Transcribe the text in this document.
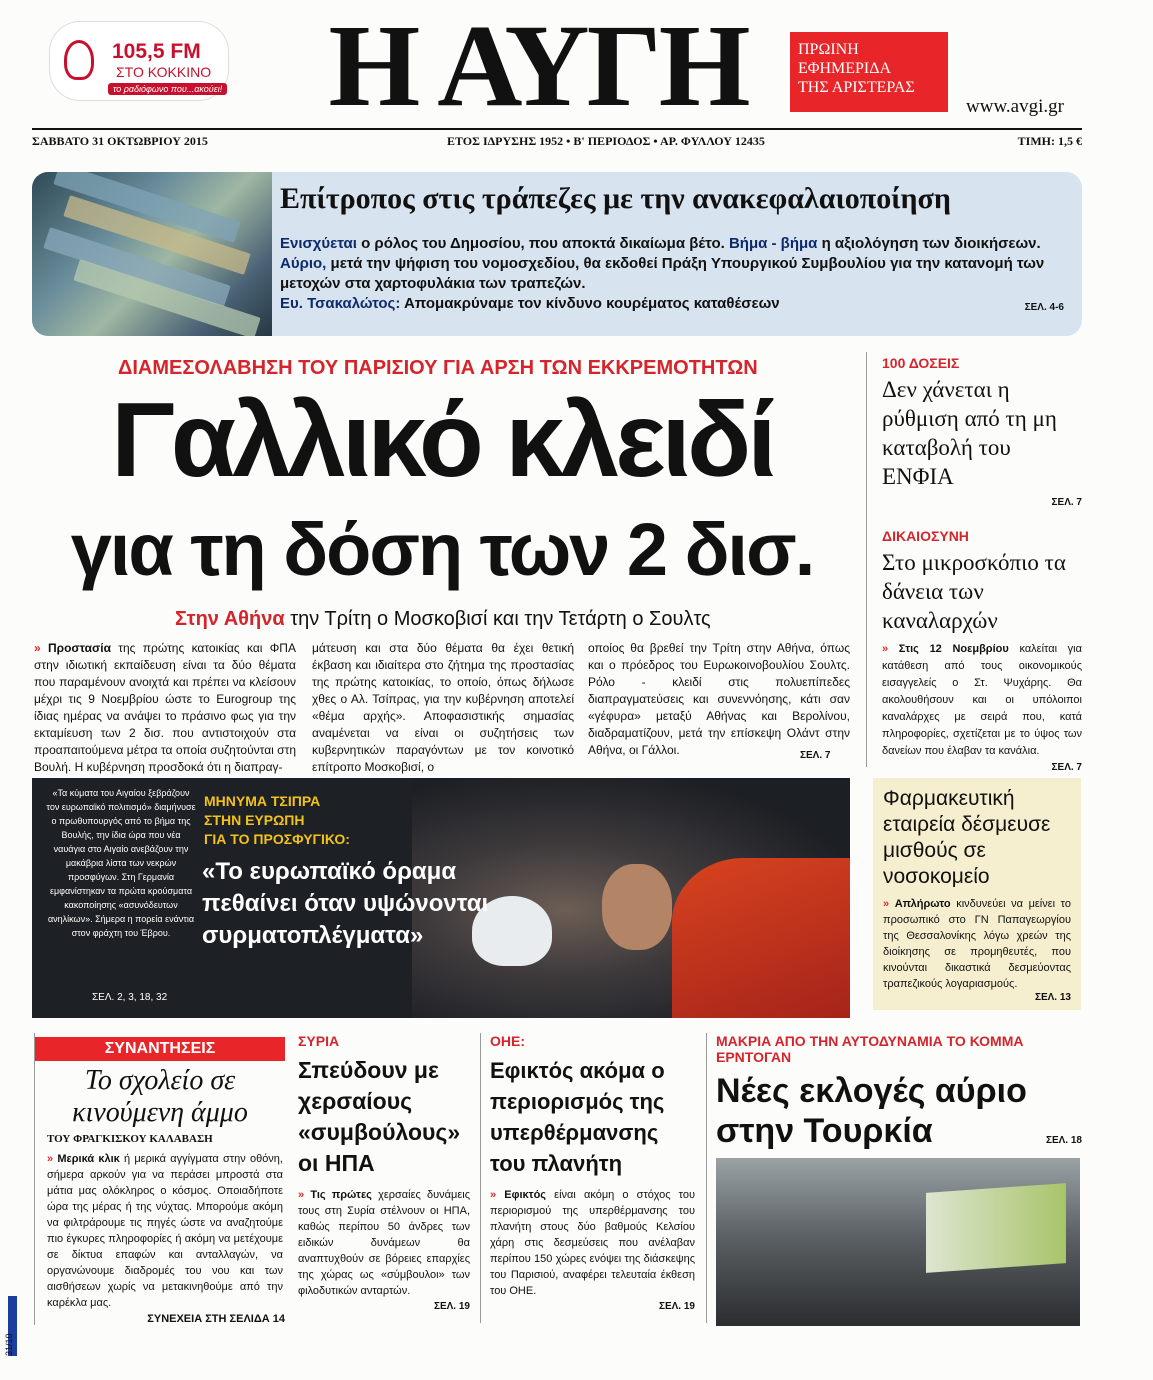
105,5 FM
ΣΤΟ ΚΟΚΚΙΝΟ
το ραδιόφωνο που...ακούει! Η ΑΥΓΗ	ΠΡΩΙΝΗ
ΕΦΗΜΕΡΙΔΑ
ΤΗΣ ΑΡΙΣΤΕΡΑΣ
www.avgi.gr
ΣΑΒΒΑΤΟ 31 ΟΚΤΩΒΡΙΟΥ 2015	ΕΤΟΣ ΙΔΡΥΣΗΣ 1952 • Β' ΠΕΡΙΟΔΟΣ • ΑΡ. ΦΥΛΛΟΥ 12435	ΤΙΜΗ: 1,5 €
Επίτροπος στις τράπεζες με την ανακεφαλαιοποίηση
Ενισχύεται ο ρόλος του Δημοσίου, που αποκτά δικαίωμα βέτο. Βήμα - βήμα η αξιολόγηση των διοικήσεων. Αύριο, μετά την ψήφιση του νομοσχεδίου, θα εκδοθεί Πράξη Υπουργικού Συμβουλίου για την κατανομή των μετοχών στα χαρτοφυλάκια των τραπεζών.
Ευ. Τσακαλώτος: Απομακρύναμε τον κίνδυνο κουρέματος καταθέσεων	ΣΕΛ. 4-6
ΔΙΑΜΕΣΟΛΑΒΗΣΗ ΤΟΥ ΠΑΡΙΣΙΟΥ ΓΙΑ ΑΡΣΗ ΤΩΝ ΕΚΚΡΕΜΟΤΗΤΩΝ
Γαλλικό κλειδί
για τη δόση των 2 δισ.
Στην Αθήνα την Τρίτη ο Μοσκοβισί και την Τετάρτη ο Σουλτς
» Προστασία της πρώτης κατοικίας και ΦΠΑ στην ιδιωτική εκπαίδευση είναι τα δύο θέματα που παραμένουν ανοιχτά και πρέπει να κλείσουν μέχρι τις 9 Νοεμβρίου ώστε το Eurogroup της ίδιας ημέρας να ανάψει το πράσινο φως για την εκταμίευση των 2 δισ. που αντιστοιχούν στα προαπαιτούμενα μέτρα τα οποία συζητούνται στη Βουλή. Η κυβέρνηση προσδοκά ότι η διαπραγ-
μάτευση και στα δύο θέματα θα έχει θετική έκβαση και ιδιαίτερα στο ζήτημα της προστασίας της πρώτης κατοικίας, το οποίο, όπως δήλωσε χθες ο Αλ. Τσίπρας, για την κυβέρνηση αποτελεί «θέμα αρχής». Αποφασιστικής σημασίας αναμένεται να είναι οι συζητήσεις των κυβερνητικών παραγόντων με τον κοινοτικό επίτροπο Μοσκοβισί, ο
οποίος θα βρεθεί την Τρίτη στην Αθήνα, όπως και ο πρόεδρος του Ευρωκοινοβουλίου Σουλτς. Ρόλο - κλειδί στις πολυεπίπεδες διαπραγματεύσεις και συνεννόησης, κάτι σαν «γέφυρα» μεταξύ Αθήνας και Βερολίνου, διαδραματίζουν, μετά την επίσκεψη Ολάντ στην Αθήνα, οι Γάλλοι.	ΣΕΛ. 7
100 ΔΟΣΕΙΣ
Δεν χάνεται η ρύθμιση από τη μη καταβολή του ΕΝΦΙΑ
ΣΕΛ. 7
ΔΙΚΑΙΟΣΥΝΗ
Στο μικροσκόπιο τα δάνεια των καναλαρχών
» Στις 12 Νοεμβρίου καλείται για κατάθεση από τους οικονομικούς εισαγγελείς ο Στ. Ψυχάρης. Θα ακολουθήσουν και οι υπόλοιποι καναλάρχες με σειρά που, κατά πληροφορίες, σχετίζεται με το ύψος των δανείων που έλαβαν τα κανάλια.
ΣΕΛ. 7
«Τα κύματα του Αιγαίου ξεβράζουν τον ευρωπαϊκό πολιτισμό» διαμήνυσε ο πρωθυπουργός από το βήμα της Βουλής, την ίδια ώρα που νέα ναυάγια στο Αιγαίο ανεβάζουν την μακάβρια λίστα των νεκρών προσφύγων. Στη Γερμανία εμφανίστηκαν τα πρώτα κρούσματα κακοποίησης «ασυνόδευτων ανηλίκων». Σήμερα η πορεία ενάντια στον φράχτη του Έβρου.
ΣΕΛ. 2, 3, 18, 32
ΜΗΝΥΜΑ ΤΣΙΠΡΑ
ΣΤΗΝ ΕΥΡΩΠΗ
ΓΙΑ ΤΟ ΠΡΟΣΦΥΓΙΚΟ:
«Το ευρωπαϊκό όραμα πεθαίνει όταν υψώνονται συρματοπλέγματα»
Φαρμακευτική εταιρεία δέσμευσε μισθούς σε νοσοκομείο
» Απλήρωτο κινδυνεύει να μείνει το προσωπικό στο ΓΝ Παπαγεωργίου της Θεσσαλονίκης λόγω χρεών της διοίκησης σε προμηθευτές, που κινούνται δικαστικά δεσμεύοντας τραπεζικούς λογαριασμούς.
ΣΕΛ. 13
ΣΥΝΑΝΤΗΣΕΙΣ
Το σχολείο σε κινούμενη άμμο
ΤΟΥ ΦΡΑΓΚΙΣΚΟΥ ΚΑΛΑΒΑΣΗ
» Μερικά κλικ ή μερικά αγγίγματα στην οθόνη, σήμερα αρκούν για να περάσει μπροστά στα μάτια μας ολόκληρος ο κόσμος. Οποιαδήποτε ώρα της μέρας ή της νύχτας. Μπορούμε ακόμη να φιλτράρουμε τις πηγές ώστε να αναζητούμε πιο έγκυρες πληροφορίες ή ακόμη να μετέχουμε σε δίκτυα επαφών και ανταλλαγών, να οργανώνουμε διαδρομές του νου και των αισθήσεων χωρίς να μετακινηθούμε από την καρέκλα μας.
ΣΥΝΕΧΕΙΑ ΣΤΗ ΣΕΛΙΔΑ 14
ΣΥΡΙΑ
Σπεύδουν με χερσαίους «συμβούλους» οι ΗΠΑ
» Τις πρώτες χερσαίες δυνάμεις τους στη Συρία στέλνουν οι ΗΠΑ, καθώς περίπου 50 άνδρες των ειδικών δυνάμεων θα αναπτυχθούν σε βόρειες επαρχίες της χώρας ως «σύμβουλοι» των φιλοδυτικών ανταρτών.
ΣΕΛ. 19
ΟΗΕ:
Εφικτός ακόμα ο περιορισμός της υπερθέρμανσης του πλανήτη
» Εφικτός είναι ακόμη ο στόχος του περιορισμού της υπερθέρμανσης του πλανήτη στους δύο βαθμούς Κελσίου χάρη στις δεσμεύσεις που ανέλαβαν περίπου 150 χώρες ενόψει της διάσκεψης του Παρισιού, αναφέρει τελευταία έκθεση του ΟΗΕ.
ΣΕΛ. 19
ΜΑΚΡΙΑ ΑΠΟ ΤΗΝ ΑΥΤΟΔΥΝΑΜΙΑ ΤΟ ΚΟΜΜΑ ΕΡΝΤΟΓΑΝ
Νέες εκλογές αύριο στην Τουρκία	ΣΕΛ. 18
31/10
